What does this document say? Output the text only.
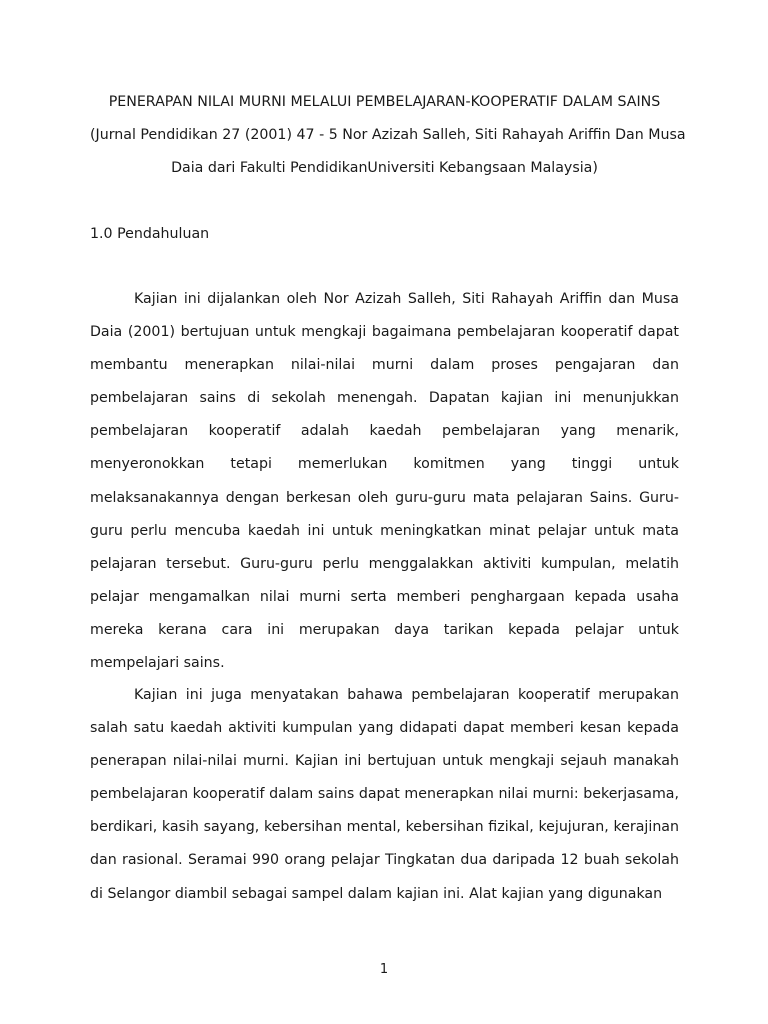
PENERAPAN NILAI MURNI MELALUI PEMBELAJARAN-KOOPERATIF DALAM SAINS
(Jurnal Pendidikan 27 (2001) 47 - 5 Nor Azizah Salleh, Siti Rahayah Ariffin Dan Musa
Daia dari Fakulti PendidikanUniversiti Kebangsaan Malaysia)
1.0 Pendahuluan

Kajian ini dijalankan oleh Nor Azizah Salleh, Siti Rahayah Ariffin dan Musa Daia (2001) bertujuan untuk mengkaji bagaimana pembelajaran kooperatif dapat membantu menerapkan nilai-nilai murni dalam proses pengajaran dan pembelajaran sains di sekolah menengah. Dapatan kajian ini menunjukkan pembelajaran kooperatif adalah kaedah pembelajaran yang menarik, menyeronokkan tetapi memerlukan komitmen yang tinggi untuk melaksanakannya dengan berkesan oleh guru-guru mata pelajaran Sains. Guru-guru perlu mencuba kaedah ini untuk meningkatkan minat pelajar untuk mata pelajaran tersebut. Guru-guru perlu menggalakkan aktiviti kumpulan, melatih pelajar mengamalkan nilai murni serta memberi penghargaan kepada usaha mereka kerana cara ini merupakan daya tarikan kepada pelajar untuk mempelajari sains.

Kajian ini juga menyatakan bahawa pembelajaran kooperatif merupakan salah satu kaedah aktiviti kumpulan yang didapati dapat memberi kesan kepada penerapan nilai-nilai murni. Kajian ini bertujuan untuk mengkaji sejauh manakah pembelajaran kooperatif dalam sains dapat menerapkan nilai murni: bekerjasama, berdikari, kasih sayang, kebersihan mental, kebersihan fizikal, kejujuran, kerajinan dan rasional. Seramai 990 orang pelajar Tingkatan dua daripada 12 buah sekolah di Selangor diambil sebagai sampel dalam kajian ini. Alat kajian yang digunakan

1
